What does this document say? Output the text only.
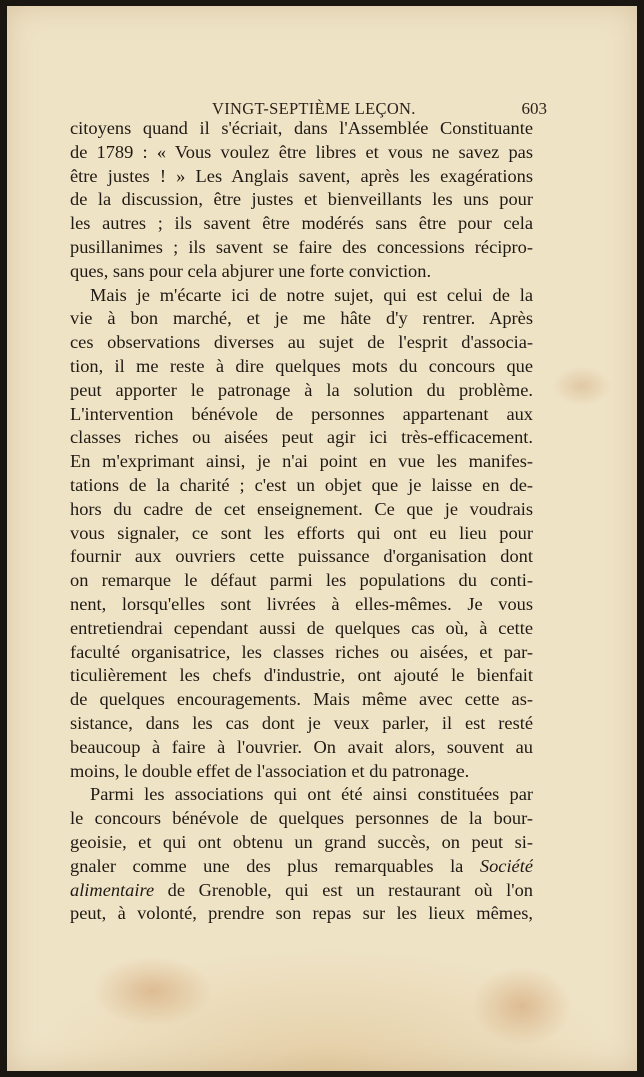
VINGT-SEPTIÈME LEÇON.	603
citoyens quand il s'écriait, dans l'Assemblée Constituante
de 1789 : « Vous voulez être libres et vous ne savez pas
être justes ! » Les Anglais savent, après les exagérations
de la discussion, être justes et bienveillants les uns pour
les autres ; ils savent être modérés sans être pour cela
pusillanimes ; ils savent se faire des concessions récipro-
ques, sans pour cela abjurer une forte conviction.
Mais je m'écarte ici de notre sujet, qui est celui de la
vie à bon marché, et je me hâte d'y rentrer. Après
ces observations diverses au sujet de l'esprit d'associa-
tion, il me reste à dire quelques mots du concours que
peut apporter le patronage à la solution du problème.
L'intervention bénévole de personnes appartenant aux
classes riches ou aisées peut agir ici très-efficacement.
En m'exprimant ainsi, je n'ai point en vue les manifes-
tations de la charité ; c'est un objet que je laisse en de-
hors du cadre de cet enseignement. Ce que je voudrais
vous signaler, ce sont les efforts qui ont eu lieu pour
fournir aux ouvriers cette puissance d'organisation dont
on remarque le défaut parmi les populations du conti-
nent, lorsqu'elles sont livrées à elles-mêmes. Je vous
entretiendrai cependant aussi de quelques cas où, à cette
faculté organisatrice, les classes riches ou aisées, et par-
ticulièrement les chefs d'industrie, ont ajouté le bienfait
de quelques encouragements. Mais même avec cette as-
sistance, dans les cas dont je veux parler, il est resté
beaucoup à faire à l'ouvrier. On avait alors, souvent au
moins, le double effet de l'association et du patronage.
Parmi les associations qui ont été ainsi constituées par
le concours bénévole de quelques personnes de la bour-
geoisie, et qui ont obtenu un grand succès, on peut si-
gnaler comme une des plus remarquables la Société
alimentaire de Grenoble, qui est un restaurant où l'on
peut, à volonté, prendre son repas sur les lieux mêmes,
